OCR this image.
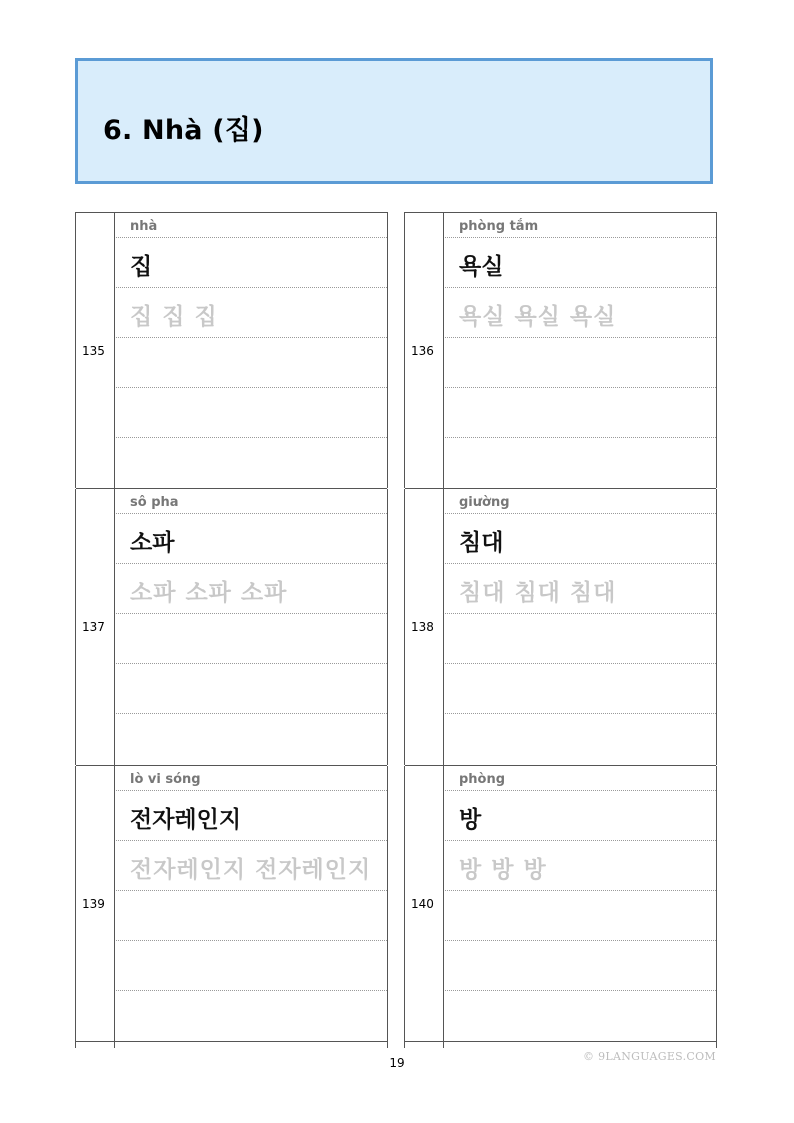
6. Nhà (집)
135
nhà
집
집 집 집
136
phòng tắm
욕실
욕실 욕실 욕실
137
sô pha
소파
소파 소파 소파
138
giường
침대
침대 침대 침대
139
lò vi sóng
전자레인지
전자레인지 전자레인지
140
phòng
방
방 방 방
19	© 9LANGUAGES.COM
